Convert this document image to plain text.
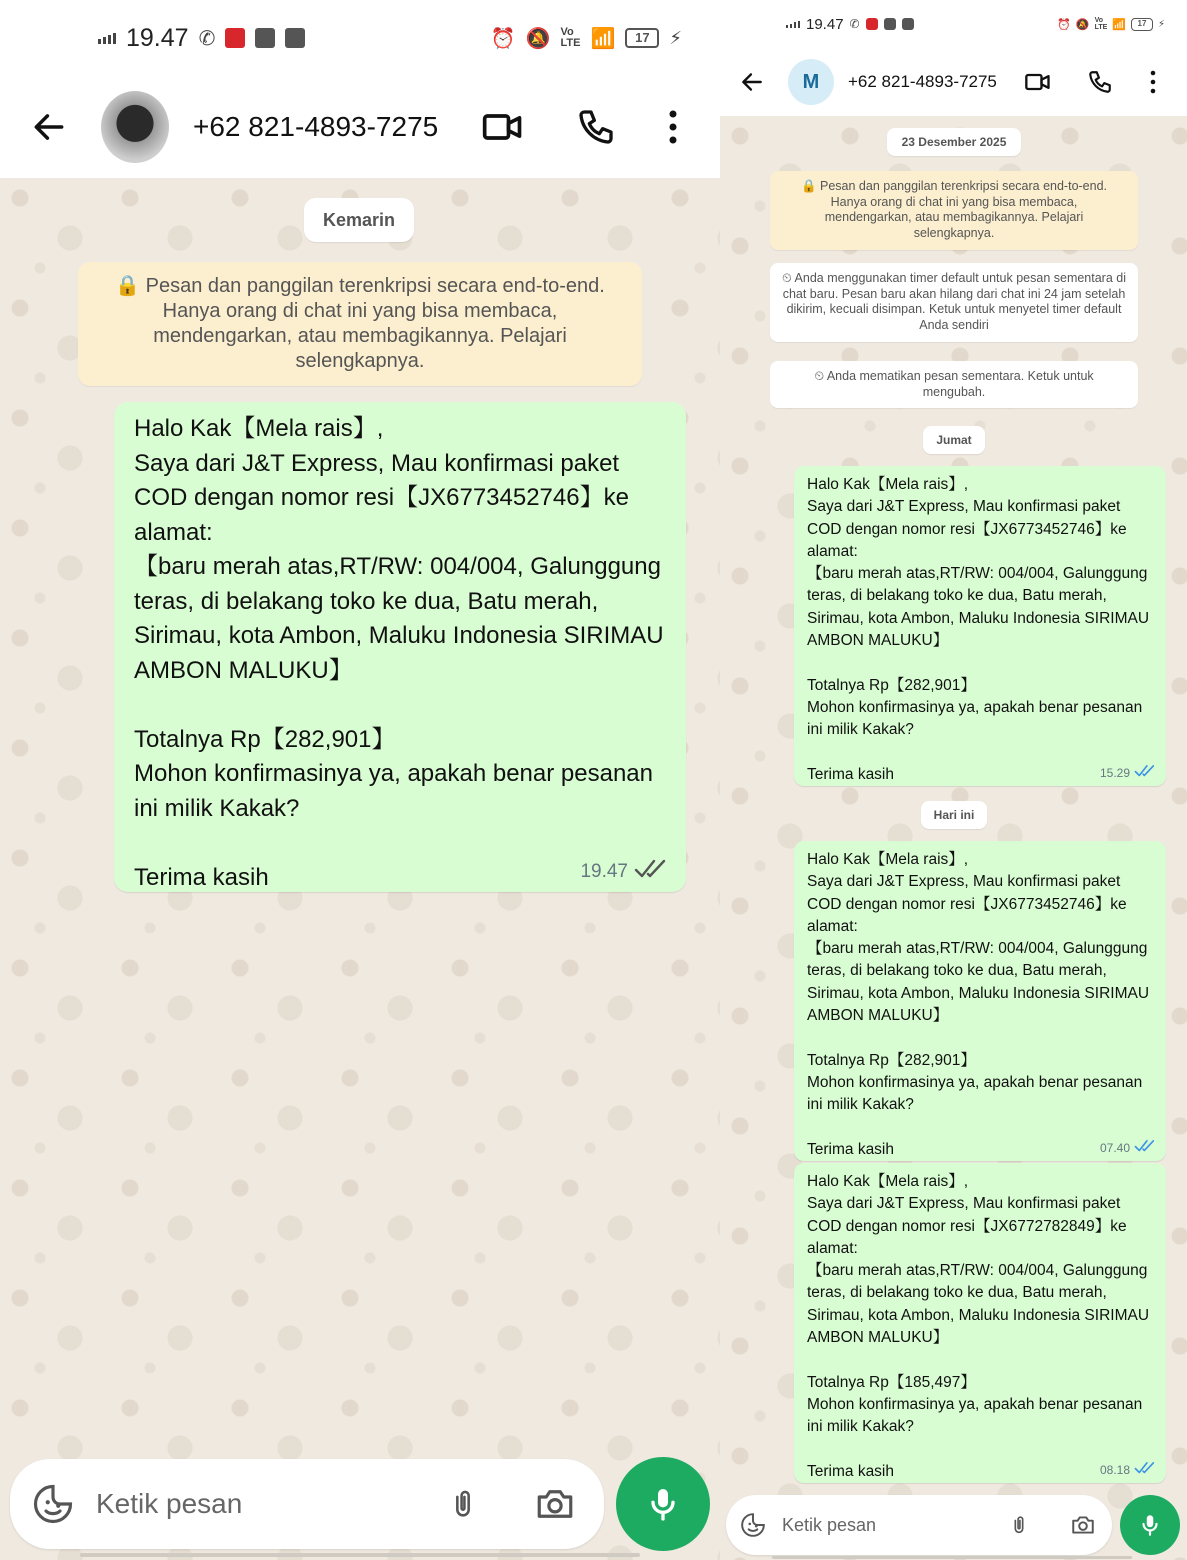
19.47 ✆	⏰ 🔕 Vo
LTE 📶	17	⚡
+62 821-4893-7275
Kemarin
🔒 Pesan dan panggilan terenkripsi secara end-to-end. Hanya orang di chat ini yang bisa membaca, mendengarkan, atau membagikannya. Pelajari selengkapnya.
Halo Kak【Mela rais】,
Saya dari J&T Express, Mau konfirmasi paket COD dengan nomor resi【JX6773452746】ke alamat:
【baru merah atas,RT/RW: 004/004, Galunggung teras, di belakang toko ke dua, Batu merah, Sirimau, kota Ambon, Maluku Indonesia SIRIMAU AMBON MALUKU】

Totalnya Rp【282,901】
Mohon konfirmasinya ya, apakah benar pesanan ini milik Kakak?

Terima kasih	19.47
Ketik pesan
19.47 ✆	⏰ 🔕 Vo
LTE 📶	17	⚡
M	+62 821-4893-7275
23 Desember 2025
🔒 Pesan dan panggilan terenkripsi secara end-to-end. Hanya orang di chat ini yang bisa membaca, mendengarkan, atau membagikannya. Pelajari selengkapnya.
⏲ Anda menggunakan timer default untuk pesan sementara di chat baru. Pesan baru akan hilang dari chat ini 24 jam setelah dikirim, kecuali disimpan. Ketuk untuk menyetel timer default Anda sendiri
⏲ Anda mematikan pesan sementara. Ketuk untuk mengubah.
Jumat
Halo Kak【Mela rais】,
Saya dari J&T Express, Mau konfirmasi paket COD dengan nomor resi【JX6773452746】ke alamat:
【baru merah atas,RT/RW: 004/004, Galunggung teras, di belakang toko ke dua, Batu merah, Sirimau, kota Ambon, Maluku Indonesia SIRIMAU AMBON MALUKU】

Totalnya Rp【282,901】
Mohon konfirmasinya ya, apakah benar pesanan ini milik Kakak?

Terima kasih	15.29
Hari ini
Halo Kak【Mela rais】,
Saya dari J&T Express, Mau konfirmasi paket COD dengan nomor resi【JX6773452746】ke alamat:
【baru merah atas,RT/RW: 004/004, Galunggung teras, di belakang toko ke dua, Batu merah, Sirimau, kota Ambon, Maluku Indonesia SIRIMAU AMBON MALUKU】

Totalnya Rp【282,901】
Mohon konfirmasinya ya, apakah benar pesanan ini milik Kakak?

Terima kasih	07.40
Halo Kak【Mela rais】,
Saya dari J&T Express, Mau konfirmasi paket COD dengan nomor resi【JX6772782849】ke alamat:
【baru merah atas,RT/RW: 004/004, Galunggung teras, di belakang toko ke dua, Batu merah, Sirimau, kota Ambon, Maluku Indonesia SIRIMAU AMBON MALUKU】

Totalnya Rp【185,497】
Mohon konfirmasinya ya, apakah benar pesanan ini milik Kakak?

Terima kasih	08.18
Ketik pesan
